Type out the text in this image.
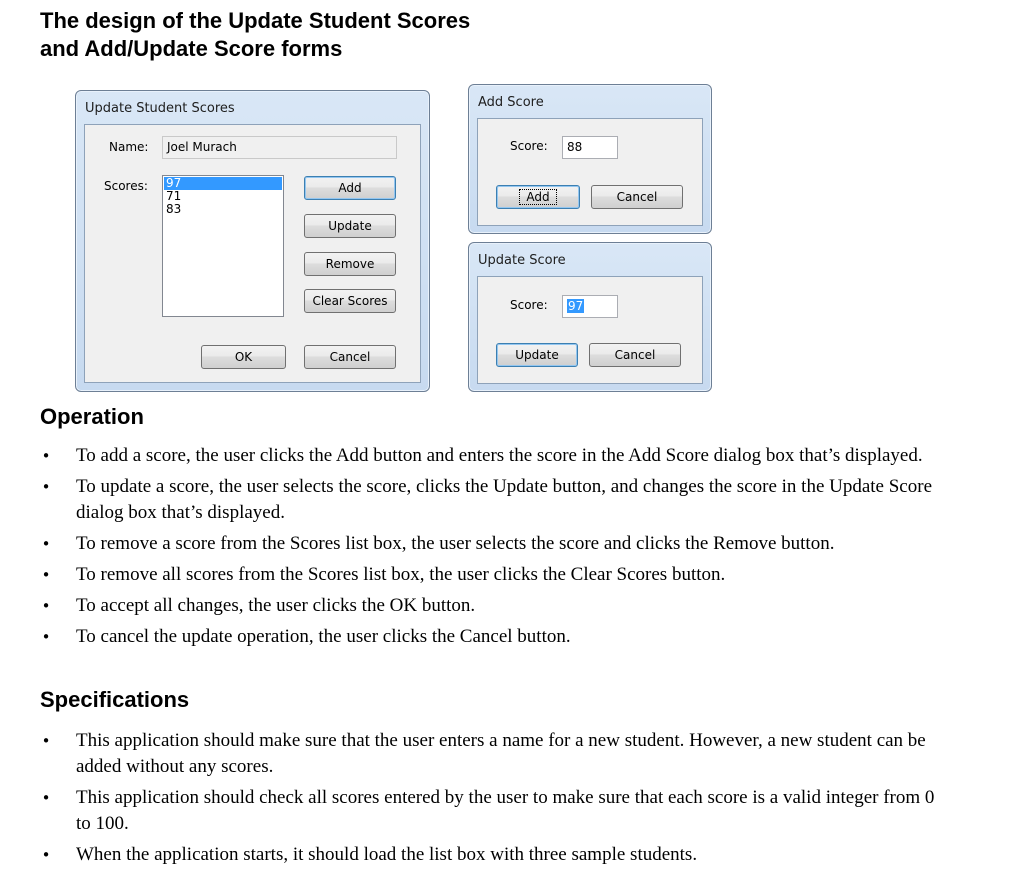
The design of the Update Student Scores
and Add/Update Score forms
Update Student Scores
Name:	Joel Murach
Scores: 97
71
83
Add
Update
Remove
Clear Scores
OK	Cancel
Add Score
Score:	88
Add	Cancel
Update Score
Score:	97
Update	Cancel
Operation
• To add a score, the user clicks the Add button and enters the score in the Add Score dialog box that’s displayed.
• To update a score, the user selects the score, clicks the Update button, and changes the score in the Update Score dialog box that’s displayed.
• To remove a score from the Scores list box, the user selects the score and clicks the Remove button.
• To remove all scores from the Scores list box, the user clicks the Clear Scores button.
• To accept all changes, the user clicks the OK button.
• To cancel the update operation, the user clicks the Cancel button.
Specifications
• This application should make sure that the user enters a name for a new student. However, a new student can be added without any scores.
• This application should check all scores entered by the user to make sure that each score is a valid integer from 0 to 100.
• When the application starts, it should load the list box with three sample students.
